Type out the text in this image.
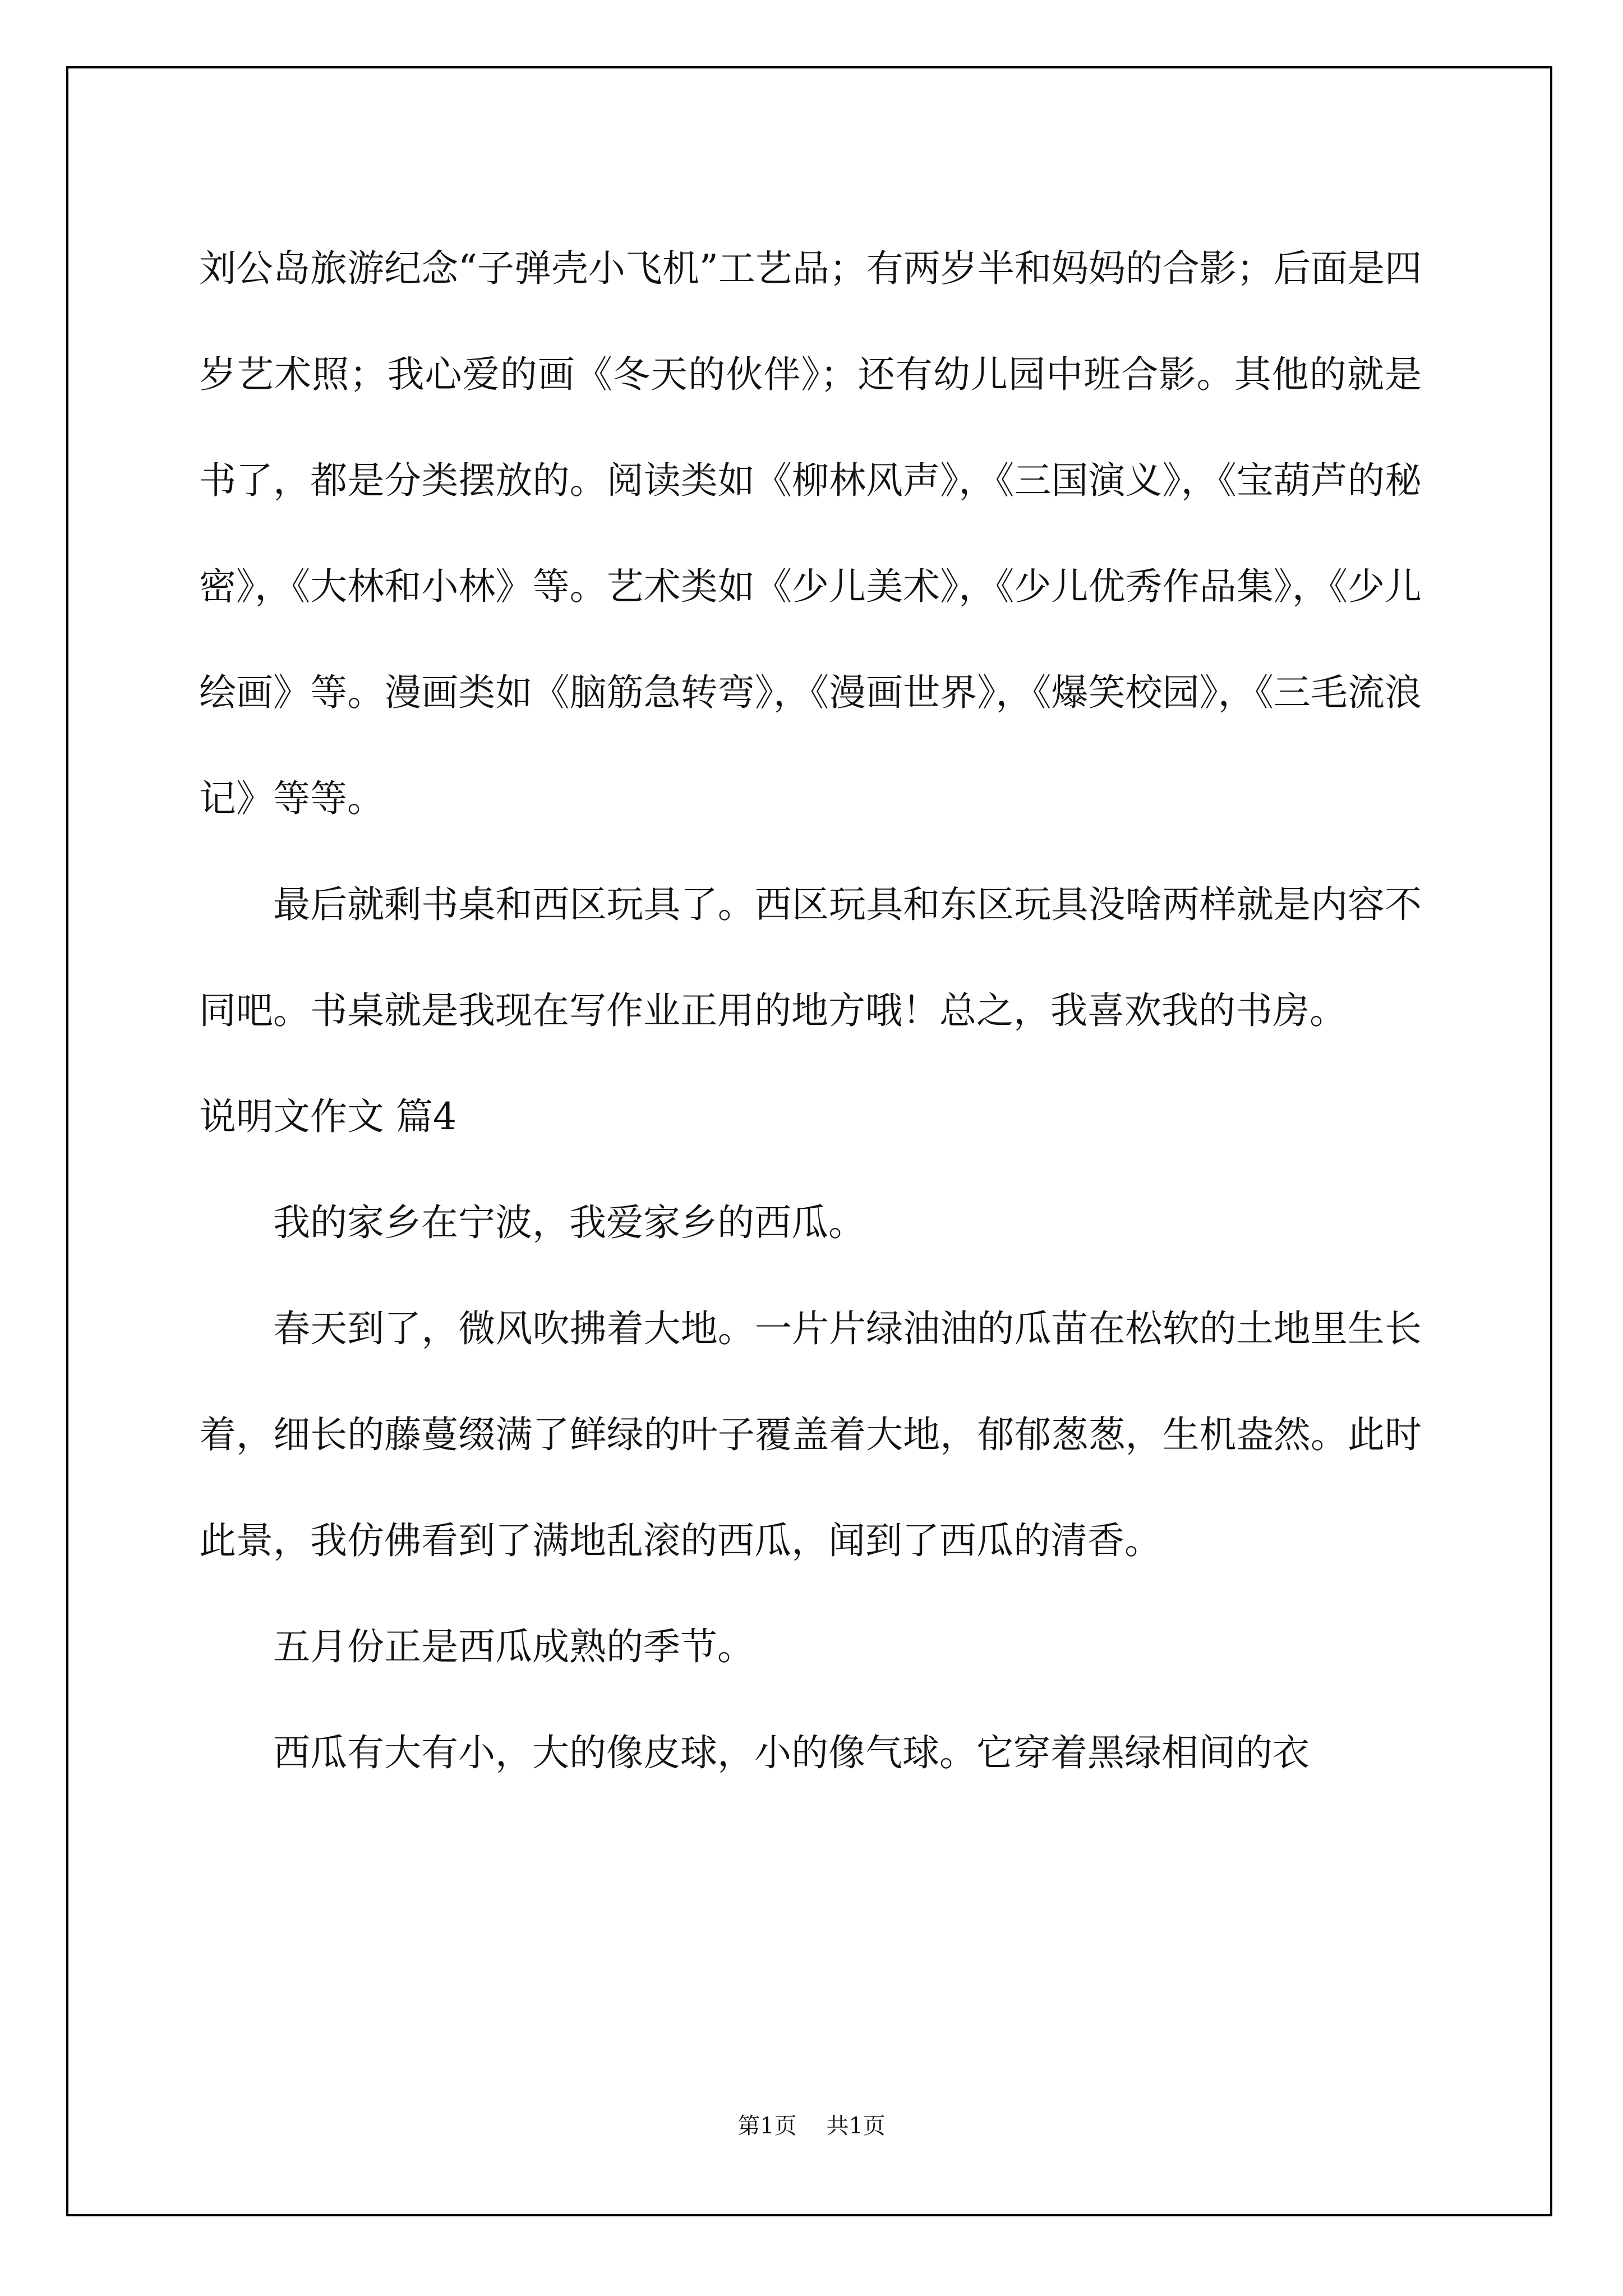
刘公岛旅游纪念“子弹壳小飞机”工艺品；有两岁半和妈妈的合影；后面是四岁艺术照；我心爱的画《冬天的伙伴》；还有幼儿园中班合影。其他的就是书了，都是分类摆放的。阅读类如《柳林风声》，《三国演义》，《宝葫芦的秘密》，《大林和小林》等。艺术类如《少儿美术》，《少儿优秀作品集》，《少儿绘画》等。漫画类如《脑筋急转弯》，《漫画世界》，《爆笑校园》，《三毛流浪记》等等。

最后就剩书桌和西区玩具了。西区玩具和东区玩具没啥两样就是内容不同吧。书桌就是我现在写作业正用的地方哦！总之，我喜欢我的书房。

说明文作文 篇4

我的家乡在宁波，我爱家乡的西瓜。

春天到了，微风吹拂着大地。一片片绿油油的瓜苗在松软的土地里生长着，细长的藤蔓缀满了鲜绿的叶子覆盖着大地，郁郁葱葱，生机盎然。此时此景，我仿佛看到了满地乱滚的西瓜，闻到了西瓜的清香。

五月份正是西瓜成熟的季节。

西瓜有大有小，大的像皮球，小的像气球。它穿着黑绿相间的衣

第1页 共1页
